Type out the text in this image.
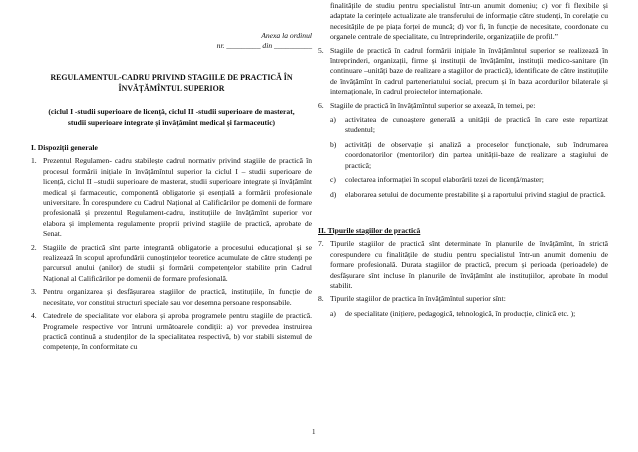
Anexa la ordinul
nr. _________ din __________
REGULAMENTUL-CADRU PRIVIND STAGIILE DE PRACTICĂ ÎN ÎNVĂȚĂMÎNTUL SUPERIOR
(ciclul I -studii superioare de licență, ciclul II -studii superioare de masterat, studii superioare integrate și învățămînt medical și farmaceutic)
I. Dispoziții generale
1. Prezentul Regulamen- cadru stabilește cadrul normativ privind stagiile de practică în procesul formării inițiale în învățămîntul superior la ciclul I – studii superioare de licență, ciclul II –studii superioare de masterat, studii superioare integrate și învățămînt medical și farmaceutic, componentă obligatorie și esențială a formării profesionale universitare. În corespundere cu Cadrul Național al Calificărilor pe domenii de formare profesională și prezentul Regulament-cadru, instituțiile de învățămînt superior vor elabora și implementa regulamente proprii privind stagiile de practică, aprobate de Senat.
2. Stagiile de practică sînt parte integrantă obligatorie a procesului educațional și se realizează în scopul aprofundării cunoștințelor teoretice acumulate de către studenți pe parcursul anului (anilor) de studii și formării competențelor stabilite prin Cadrul Național al Calificărilor pe domenii de formare profesională.
3. Pentru organizarea și desfășurarea stagiilor de practică, instituțiile, în funcție de necesitate, vor constitui structuri speciale sau vor desemna persoane responsabile.
4. Catedrele de specialitate vor elabora și aproba programele pentru stagiile de practică. Programele respective vor întruni următoarele condiții: a) vor prevedea instruirea practică continuă a studenților de la specialitatea respectivă, b) vor stabili sistemul de competențe, în conformitate cu
finalitățile de studiu pentru specialistul într-un anumit domeniu; c) vor fi flexibile și adaptate la cerințele actualizate ale transferului de informație către studenți, în corelație cu necesitățile de pe piața forței de muncă; d) vor fi, în funcție de necesitate, coordonate cu organele centrale de specialitate, cu întreprinderile, organizațiile de profil.”
5. Stagiile de practică în cadrul formării inițiale în învățămîntul superior se realizează în întreprinderi, organizații, firme și instituții de învățămînt, instituții medico-sanitare (în continuare –unități baze de realizare a stagiilor de practică), identificate de către instituțiile de învățămînt în cadrul parteneriatului social, precum și în baza acordurilor bilaterale și internaționale, în cadrul proiectelor internaționale.
6. Stagiile de practică în învățămîntul superior se axează, în temei, pe:
a)	activitatea de cunoaștere generală a unității de practică în care este repartizat studentul;
b)	activități de observație și analiză a proceselor funcționale, sub îndrumarea coordonatorilor (mentorilor) din partea unității-baze de realizare a stagiului de practică;
c)	colectarea informației în scopul elaborării tezei de licență/master;
d)	elaborarea setului de documente prestabilite și a raportului privind stagiul de practică.
II. Tipurile stagiilor de practică
7. Tipurile stagiilor de practică sînt determinate în planurile de învățămînt, în strictă corespundere cu finalitățile de studiu pentru specialistul într-un anumit domeniu de formare profesională. Durata stagiilor de practică, precum și perioada (perioadele) de desfășurare sînt incluse în planurile de învățămînt ale instituțiilor, aprobate în modul stabilit.
8. Tipurile stagiilor de practica în învățămîntul superior sînt:
a)	de specialitate (inițiere, pedagogică, tehnologică, în producție, clinică etc. );
1
